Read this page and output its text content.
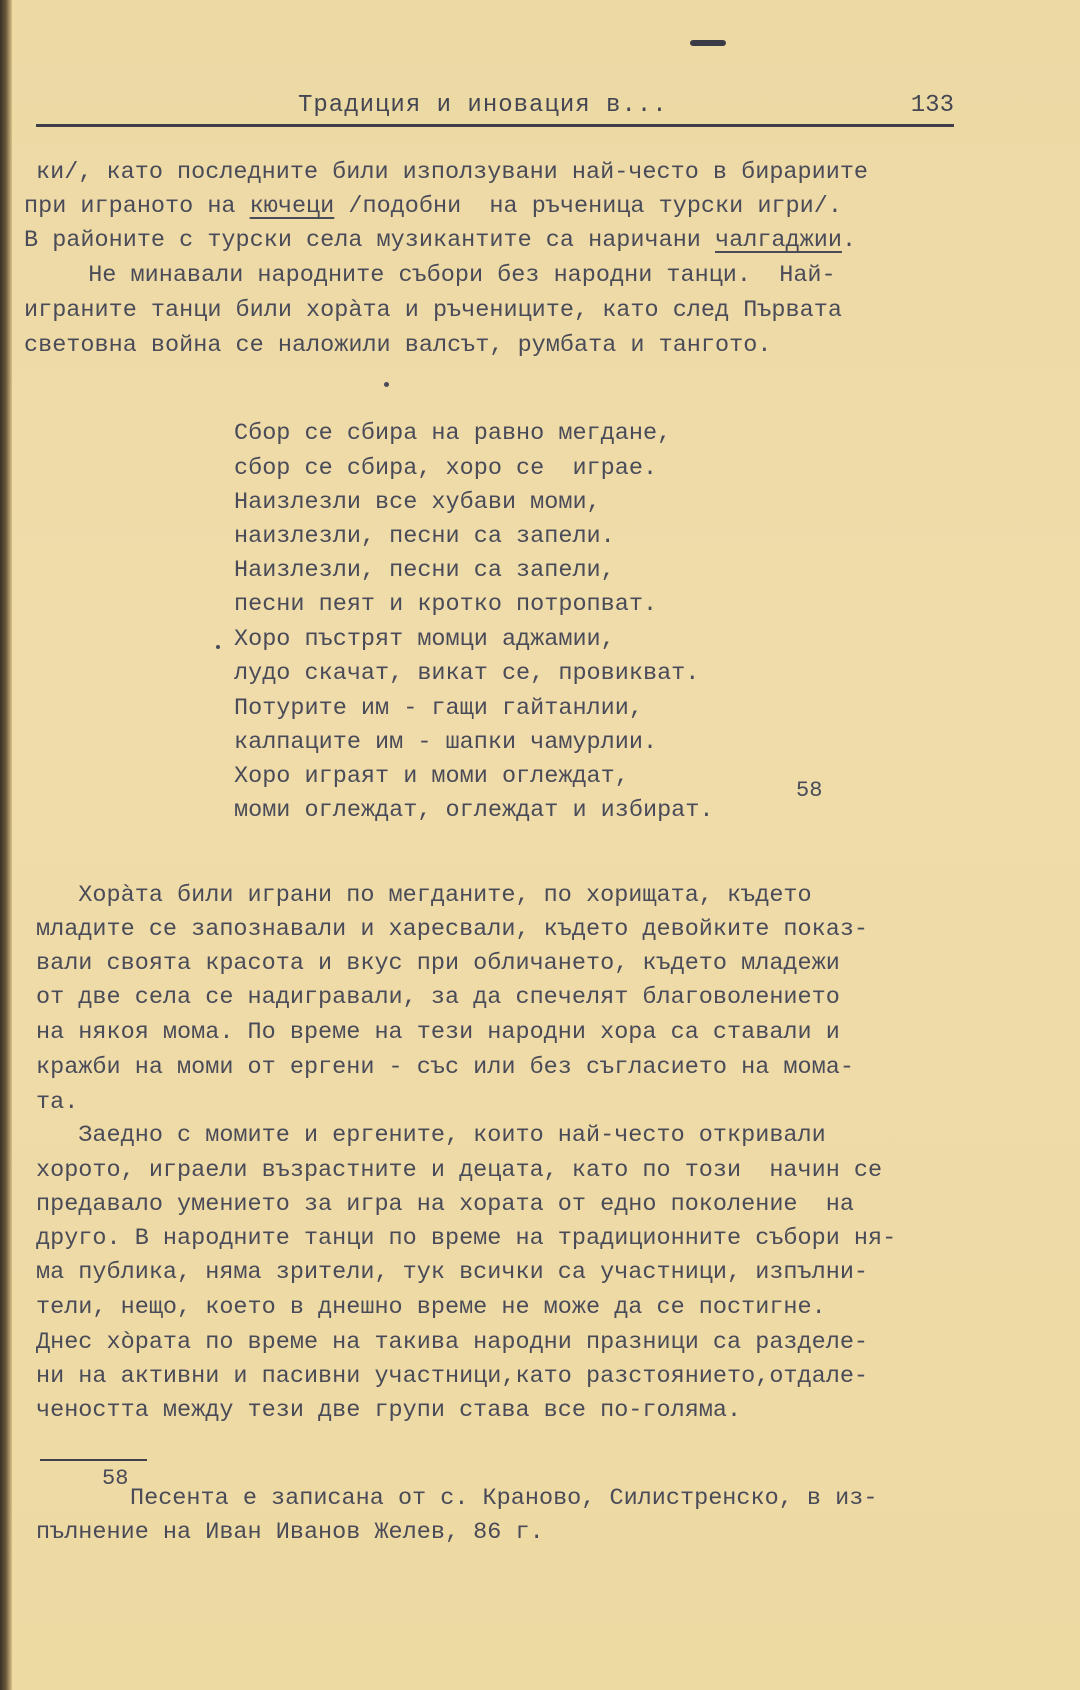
Традиция и иновация в...	133
ки/, като последните били използувани най-често в бирариите
при играното на кючеци /подобни  на ръченица турски игри/.
В районите с турски села музикантите са наричани чалгаджии.
Не минавали народните събори без народни танци.  Най-
играните танци били хорàта и ръчениците, като след Първата
световна война се наложили валсът, румбата и тангото.
Сбор се сбира на равно мегдане,
сбор се сбира, хоро се  играе.
Наизлезли все хубави моми,
наизлезли, песни са запели.
Наизлезли, песни са запели,
песни пеят и кротко потропват.
Хоро пъстрят момци аджамии,
лудо скачат, викат се, провикват.
Потурите им - гащи гайтанлии,
калпаците им - шапки чамурлии.
Хоро играят и моми оглеждат,
58
моми оглеждат, оглеждат и избират.
Хорàта били играни по мегданите, по хорищата, където
младите се запознавали и харесвали, където девойките показ-
вали своята красота и вкус при обличането, където младежи
от две села се надигравали, за да спечелят благоволението
на някоя мома. По време на тези народни хора са ставали и
кражби на моми от ергени - със или без съгласието на мома-
та.
Заедно с момите и ергените, които най-често откривали
хорото, играели възрастните и децата, като по този  начин се
предавало умението за игра на хората от едно поколение  на
друго. В народните танци по време на традиционните събори ня-
ма публика, няма зрители, тук всички са участници, изпълни-
тели, нещо, което в днешно време не може да се постигне.
Днес хòрата по време на такива народни празници са разделе-
ни на активни и пасивни участници,като разстоянието,отдале-
чеността между тези две групи става все по-голяма.
58
Песента е записана от с. Краново, Силистренско, в из-
пълнение на Иван Иванов Желев, 86 г.
